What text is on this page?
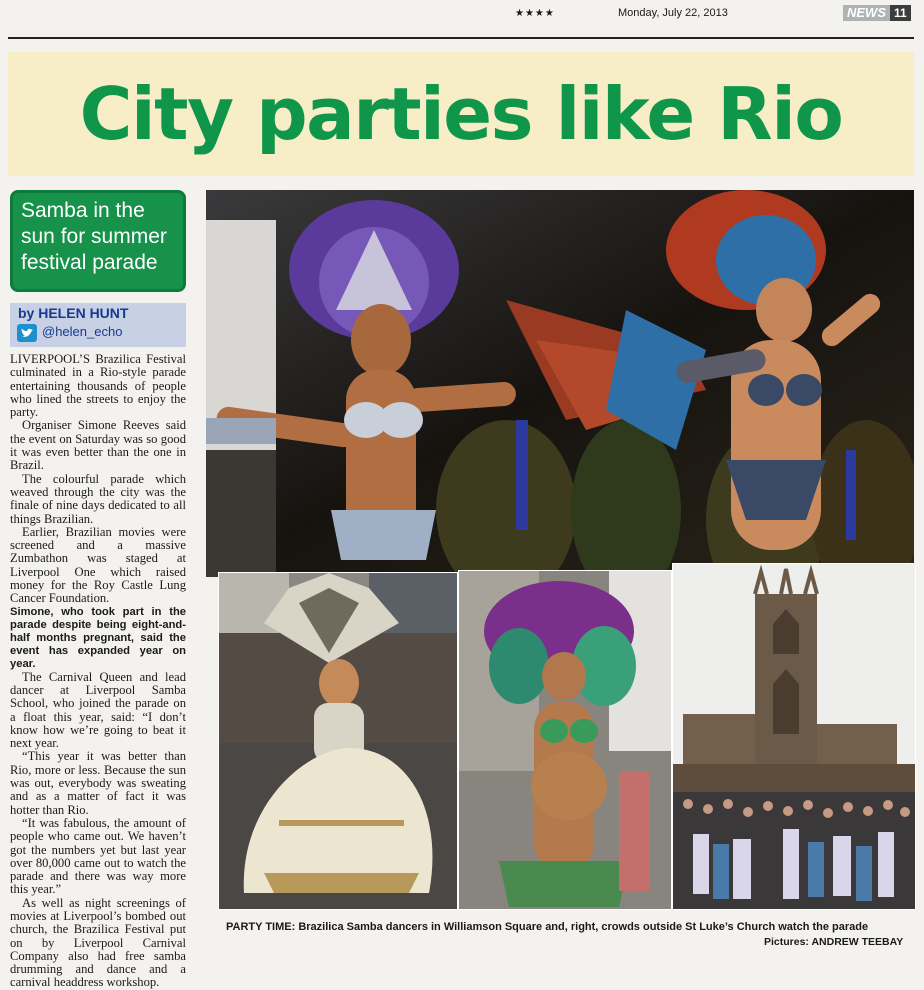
★★★★	Monday, July 22, 2013	NEWS 11
City parties like Rio
Samba in the
sun for summer
festival parade
by HELEN HUNT
@helen_echo

LIVERPOOL’S Brazilica Festival culminated in a Rio-style parade entertaining thousands of people who lined the streets to enjoy the party.

Organiser Simone Reeves said the event on Saturday was so good it was even better than the one in Brazil.

The colourful parade which weaved through the city was the finale of nine days dedicated to all things Brazilian.

Earlier, Brazilian movies were screened and a massive Zumbathon was staged at Liverpool One which raised money for the Roy Castle Lung Cancer Foundation.

Simone, who took part in the parade despite being eight-and-half months pregnant, said the event has expanded year on year.

The Carnival Queen and lead dancer at Liverpool Samba School, who joined the parade on a float this year, said: “I don’t know how we’re going to beat it next year.

“This year it was better than Rio, more or less. Because the sun was out, everybody was sweating and as a matter of fact it was hotter than Rio.

“It was fabulous, the amount of people who came out. We haven’t got the numbers yet but last year over 80,000 came out to watch the parade and there was way more this year.”

As well as night screenings of movies at Liverpool’s bombed out church, the Brazilica Festival put on by Liverpool Carnival Company also had free samba drumming and dance and a carnival headdress workshop.

PARTY TIME: Brazilica Samba dancers in Williamson Square and, right, crowds outside St Luke’s Church watch the parade
Pictures: ANDREW TEEBAY
